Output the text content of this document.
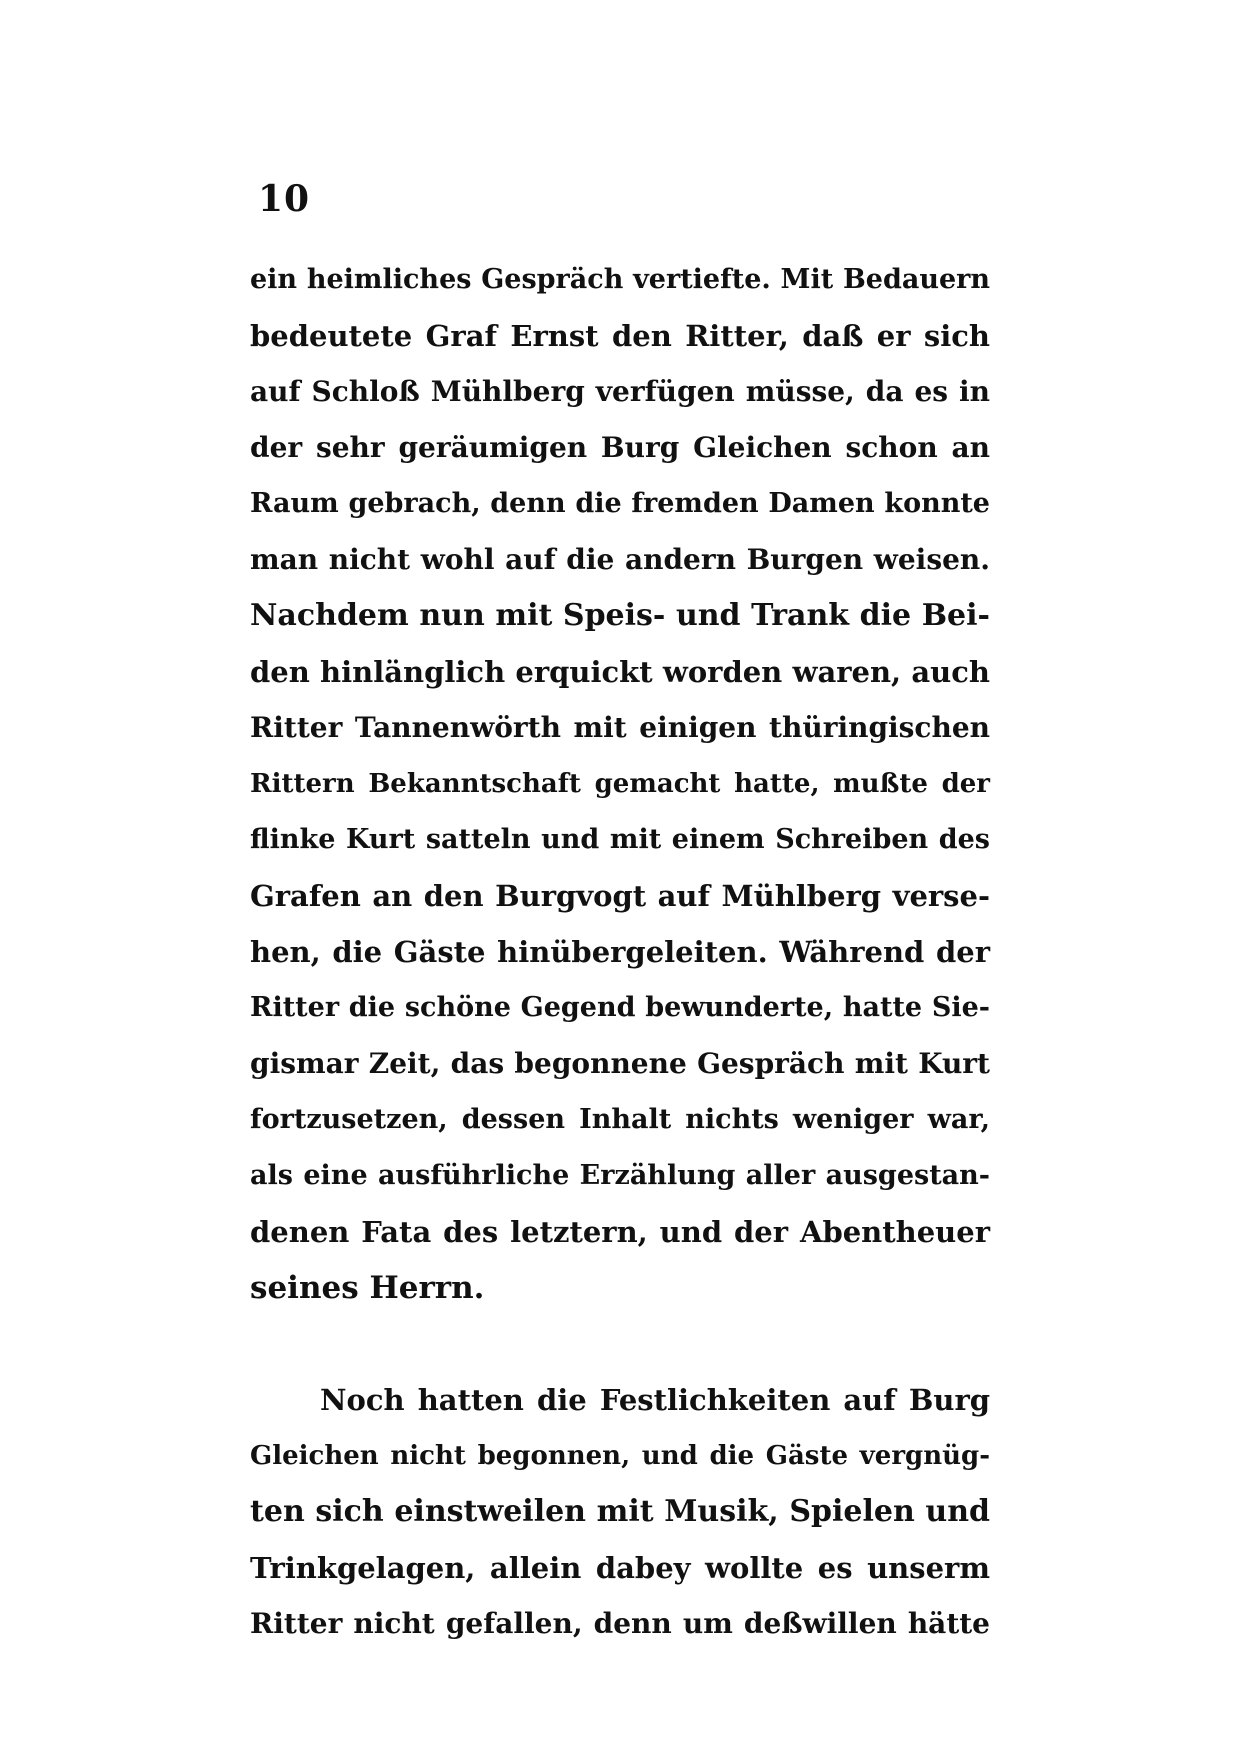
10
ein heimliches Gespräch vertiefte. Mit Bedauern
bedeutete Graf Ernst den Ritter, daß er sich
auf Schloß Mühlberg verfügen müsse, da es in
der sehr geräumigen Burg Gleichen schon an
Raum gebrach, denn die fremden Damen konnte
man nicht wohl auf die andern Burgen weisen.
Nachdem nun mit Speis- und Trank die Bei-
den hinlänglich erquickt worden waren, auch
Ritter Tannenwörth mit einigen thüringischen
Rittern Bekanntschaft gemacht hatte, mußte der
flinke Kurt satteln und mit einem Schreiben des
Grafen an den Burgvogt auf Mühlberg verse-
hen, die Gäste hinübergeleiten. Während der
Ritter die schöne Gegend bewunderte, hatte Sie-
gismar Zeit, das begonnene Gespräch mit Kurt
fortzusetzen, dessen Inhalt nichts weniger war,
als eine ausführliche Erzählung aller ausgestan-
denen Fata des letztern, und der Abentheuer
seines Herrn.
Noch hatten die Festlichkeiten auf Burg
Gleichen nicht begonnen, und die Gäste vergnüg-
ten sich einstweilen mit Musik, Spielen und
Trinkgelagen, allein dabey wollte es unserm
Ritter nicht gefallen, denn um deßwillen hätte
